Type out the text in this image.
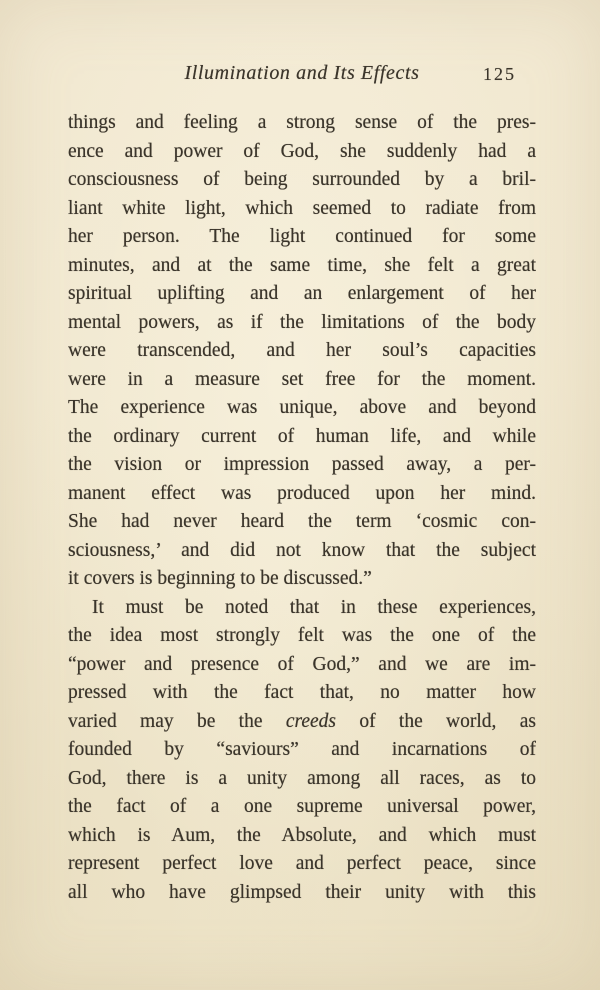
Illumination and Its Effects	125
things and feeling a strong sense of the pres-
ence and power of God, she suddenly had a
consciousness of being surrounded by a bril-
liant white light, which seemed to radiate from
her person. The light continued for some
minutes, and at the same time, she felt a great
spiritual uplifting and an enlargement of her
mental powers, as if the limitations of the body
were transcended, and her soul’s capacities
were in a measure set free for the moment.
The experience was unique, above and beyond
the ordinary current of human life, and while
the vision or impression passed away, a per-
manent effect was produced upon her mind.
She had never heard the term ‘cosmic con-
sciousness,’ and did not know that the subject
it covers is beginning to be discussed.”
It must be noted that in these experiences,
the idea most strongly felt was the one of the
“power and presence of God,” and we are im-
pressed with the fact that, no matter how
varied may be the creeds of the world, as
founded by “saviours” and incarnations of
God, there is a unity among all races, as to
the fact of a one supreme universal power,
which is Aum, the Absolute, and which must
represent perfect love and perfect peace, since
all who have glimpsed their unity with this
